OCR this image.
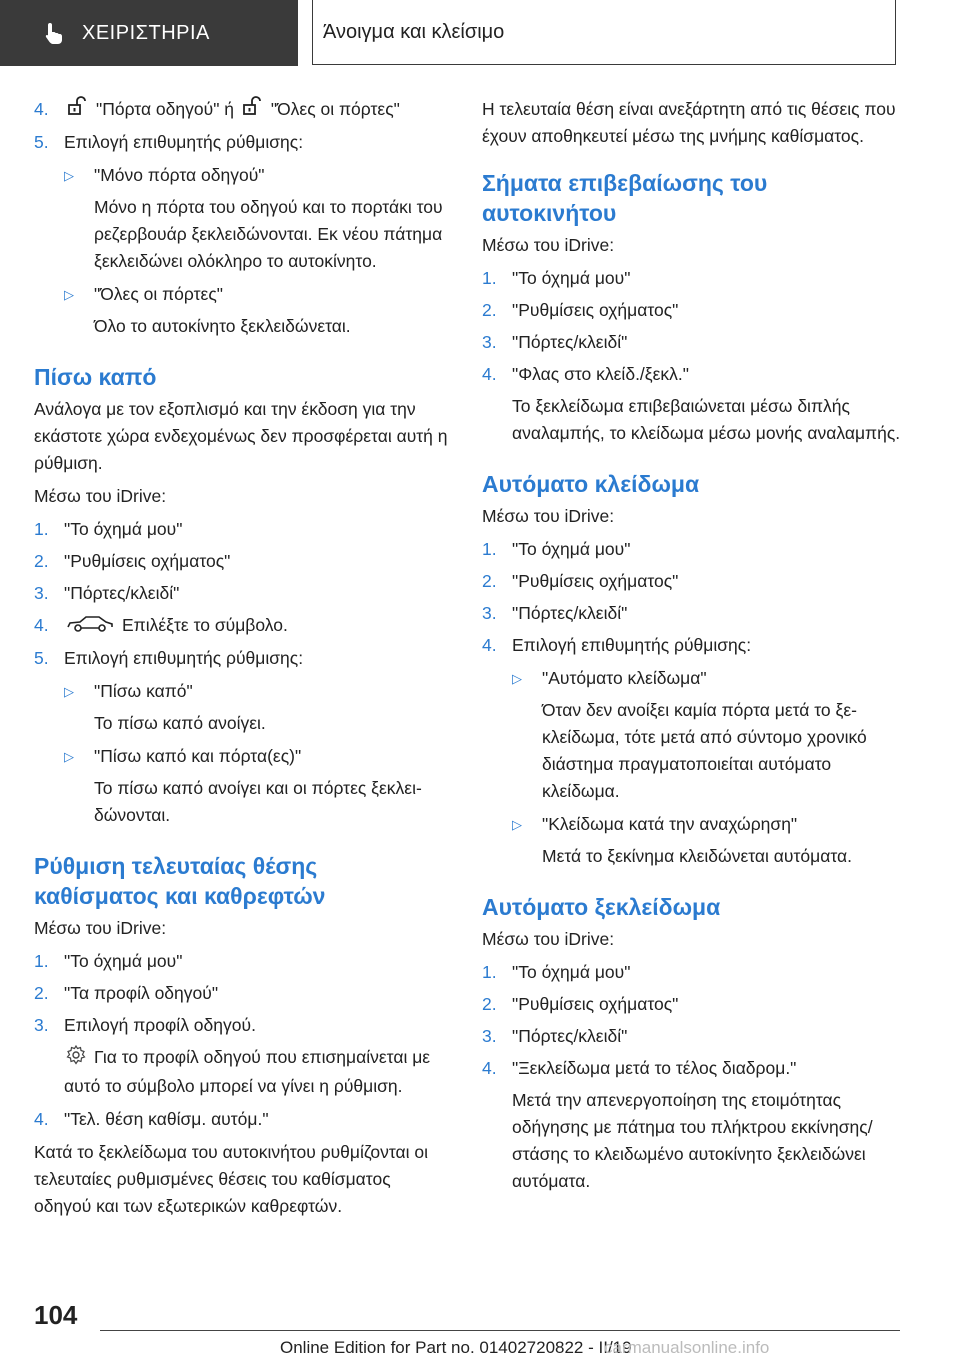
ΧΕΙΡΙΣΤΗΡΙΑ	Άνοιγμα και κλείσιμο
4.	"Πόρτα οδηγού" ή "Όλες οι πόρτες"
5. Επιλογή επιθυμητής ρύθμισης:
▷	"Μόνο πόρτα οδηγού"
Μόνο η πόρτα του οδηγού και το πορτάκι του ρεζερβουάρ ξεκλειδώνονται. Εκ νέου πάτημα ξεκλειδώνει ολόκληρο το αυτοκίνητο.
▷	"Όλες οι πόρτες"
Όλο το αυτοκίνητο ξεκλειδώνεται.
Πίσω καπό
Ανάλογα με τον εξοπλισμό και την έκδοση για την εκάστοτε χώρα ενδεχομένως δεν προσφέρεται αυτή η ρύθμιση.
Μέσω του iDrive:
1. "Το όχημά μου"
2. "Ρυθμίσεις οχήματος"
3. "Πόρτες/κλειδί"
4.	Επιλέξτε το σύμβολο.
5. Επιλογή επιθυμητής ρύθμισης:
▷	"Πίσω καπό"
Το πίσω καπό ανοίγει.
▷	"Πίσω καπό και πόρτα(ες)"
Το πίσω καπό ανοίγει και οι πόρτες ξεκλειδώνονται.
Ρύθμιση τελευταίας θέσης καθίσματος και καθρεφτών
Μέσω του iDrive:
1. "Το όχημά μου"
2. "Τα προφίλ οδηγού"
3. Επιλογή προφίλ οδηγού.
Για το προφίλ οδηγού που επισημαίνεται με αυτό το σύμβολο μπορεί να γίνει η ρύθμιση.
4. "Τελ. θέση καθίσμ. αυτόμ."
Κατά το ξεκλείδωμα του αυτοκινήτου ρυθμίζονται οι τελευταίες ρυθμισμένες θέσεις του καθίσματος οδηγού και των εξωτερικών καθρεφτών.
Η τελευταία θέση είναι ανεξάρτητη από τις θέσεις που έχουν αποθηκευτεί μέσω της μνήμης καθίσματος.
Σήματα επιβεβαίωσης του αυτοκινήτου
Μέσω του iDrive:
1. "Το όχημά μου"
2. "Ρυθμίσεις οχήματος"
3. "Πόρτες/κλειδί"
4. "Φλας στο κλείδ./ξεκλ."
Το ξεκλείδωμα επιβεβαιώνεται μέσω διπλής αναλαμπής, το κλείδωμα μέσω μονής αναλαμπής.
Αυτόματο κλείδωμα
Μέσω του iDrive:
1. "Το όχημά μου"
2. "Ρυθμίσεις οχήματος"
3. "Πόρτες/κλειδί"
4. Επιλογή επιθυμητής ρύθμισης:
▷	"Αυτόματο κλείδωμα"
Όταν δεν ανοίξει καμία πόρτα μετά το ξεκλείδωμα, τότε μετά από σύντομο χρονικό διάστημα πραγματοποιείται αυτόματο κλείδωμα.
▷	"Κλείδωμα κατά την αναχώρηση"
Μετά το ξεκίνημα κλειδώνεται αυτόματα.
Αυτόματο ξεκλείδωμα
Μέσω του iDrive:
1. "Το όχημά μου"
2. "Ρυθμίσεις οχήματος"
3. "Πόρτες/κλειδί"
4. "Ξεκλείδωμα μετά το τέλος διαδρομ."
Μετά την απενεργοποίηση της ετοιμότητας οδήγησης με πάτημα του πλήκτρου εκκίνησης/στάσης το κλειδωμένο αυτοκίνητο ξεκλειδώνει αυτόματα.
104
Online Edition for Part no. 01402720822 - II/19
carmanualsonline.info
